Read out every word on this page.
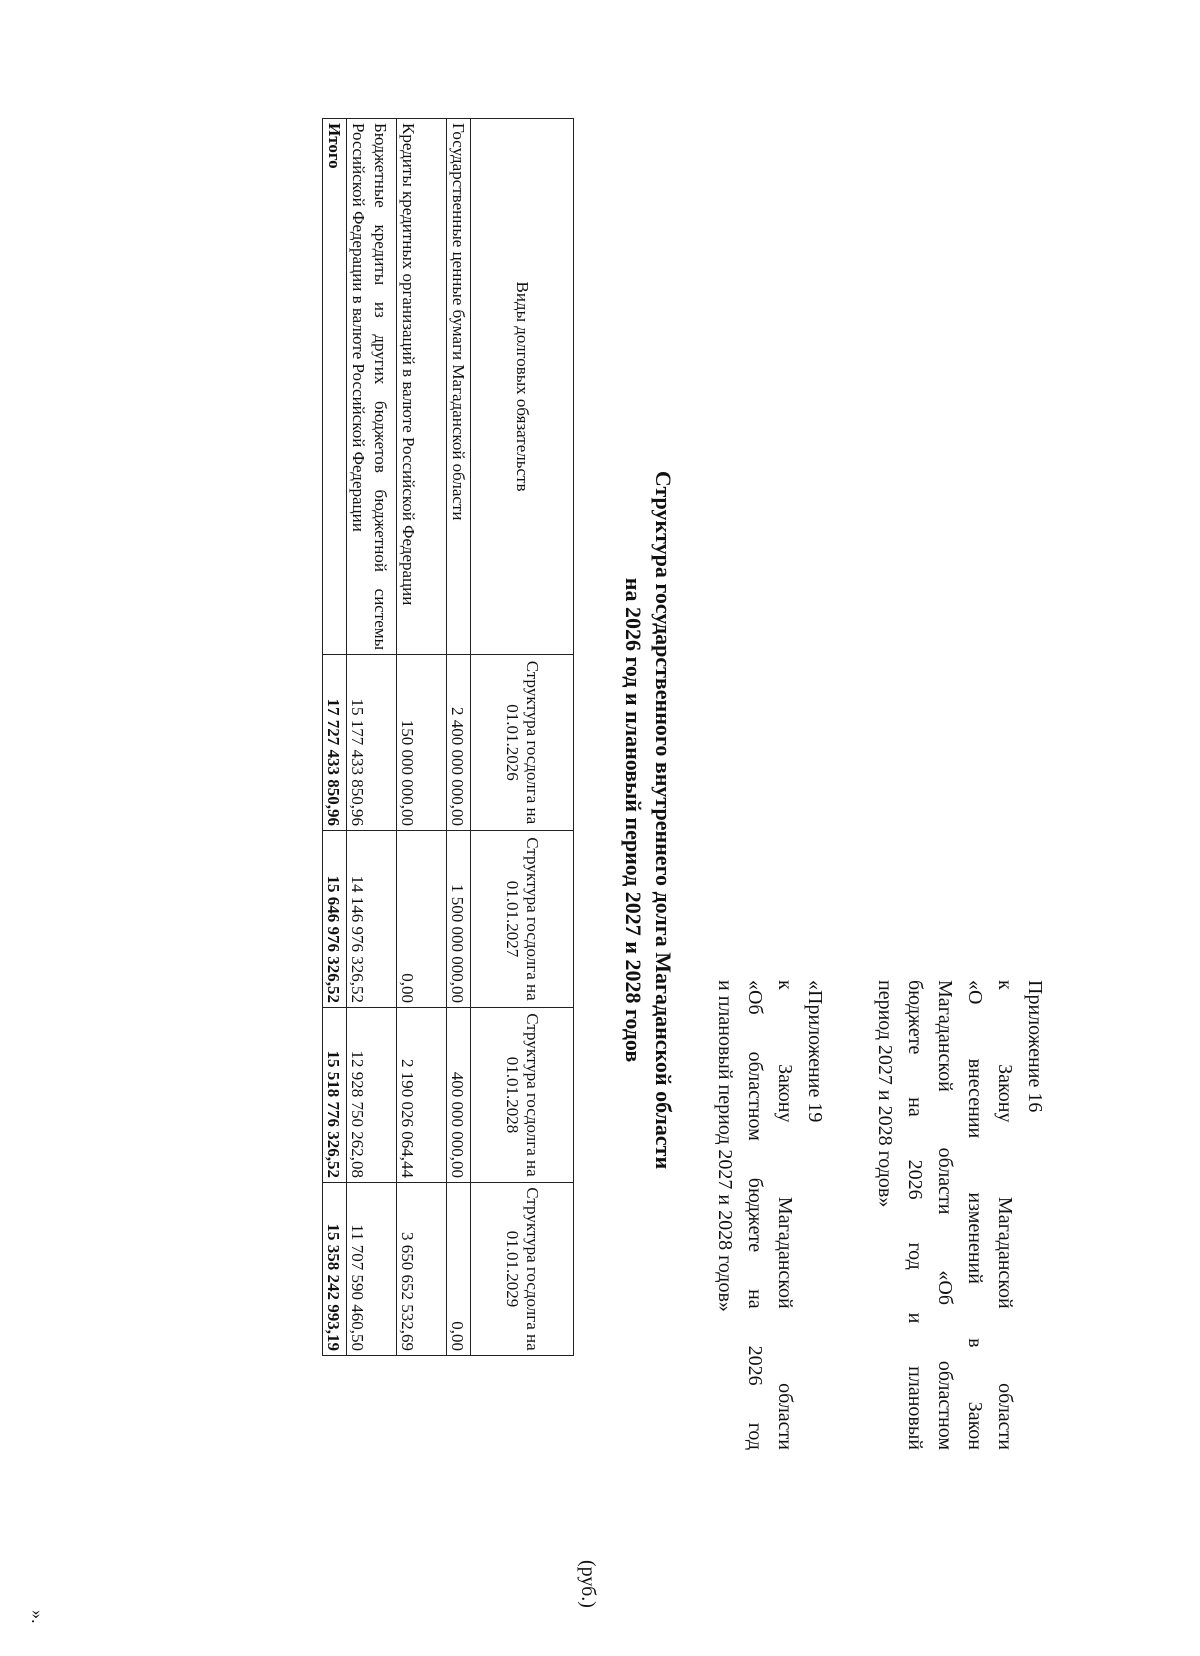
Приложение 16

к Закону Магаданской области

«О внесении изменений в Закон

Магаданской области «Об областном

бюджете на 2026 год и плановый

период 2027 и 2028 годов»

«Приложение 19

к Закону Магаданской области

«Об областном бюджете на 2026 год

и плановый период 2027 и 2028 годов»

Структура государственного внутреннего долга Магаданской области
на 2026 год и плановый период 2027 и 2028 годов
(руб.)
Виды долговых обязательств	Структура госдолга на 01.01.2026	Структура госдолга на 01.01.2027	Структура госдолга на 01.01.2028	Структура госдолга на 01.01.2029
Государственные ценные бумаги Магаданской области	2 400 000 000,00	1 500 000 000,00	400 000 000,00	0,00
Кредиты кредитных организаций в валюте Российской Федерации	150 000 000,00	0,00	2 190 026 064,44	3 650 652 532,69
Бюджетные кредиты из других бюджетов бюджетной системы Российской Федерации в валюте Российской Федерации	15 177 433 850,96	14 146 976 326,52	12 928 750 262,08	11 707 590 460,50
Итого	17 727 433 850,96	15 646 976 326,52	15 518 776 326,52	15 358 242 993,19
».
